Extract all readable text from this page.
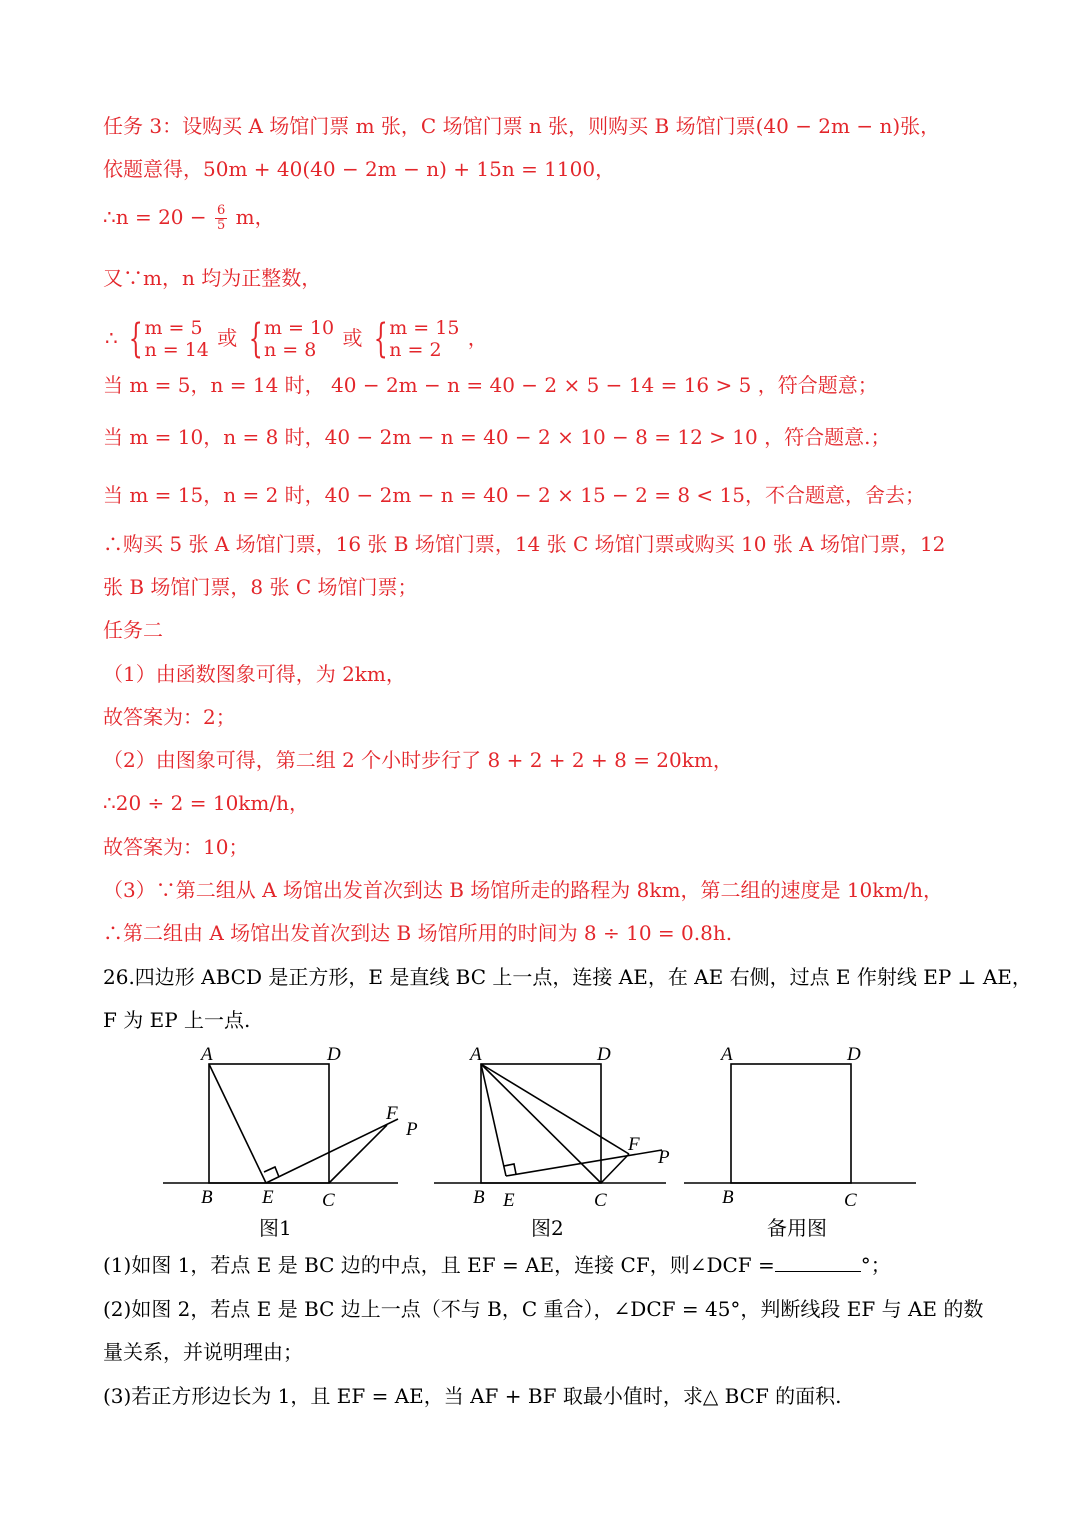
任务 3：设购买 A 场馆门票 m 张，C 场馆门票 n 张，则购买 B 场馆门票(40 − 2m − n)张，
依题意得，50m + 40(40 − 2m − n) + 15n = 1100，
∴n = $20 - \frac{6}{5}$ m，
又∵m，n 均为正整数，
∴ { m = 5
n = 14
或 { m = 10
n = 8
或 { m = 15
n = 2
，
当 m = 5，n = 14 时， 40 − 2m − n = 40 − 2 × 5 − 14 = 16 > 5 ，符合题意；
当 m = 10，n = 8 时，40 − 2m − n = 40 − 2 × 10 − 8 = 12 > 10 ，符合题意.；
当 m = 15，n = 2 时，40 − 2m − n = 40 − 2 × 15 − 2 = 8 < 15，不合题意，舍去；
∴购买 5 张 A 场馆门票，16 张 B 场馆门票，14 张 C 场馆门票或购买 10 张 A 场馆门票，12
张 B 场馆门票，8 张 C 场馆门票；
任务二
（1）由函数图象可得，为 2km，
故答案为：2；
（2）由图象可得，第二组 2 个小时步行了 8 + 2 + 2 + 8 = 20km，
∴20 ÷ 2 = 10km/h，
故答案为：10；
（3）∵第二组从 A 场馆出发首次到达 B 场馆所走的路程为 8km，第二组的速度是 10km/h，
∴第二组由 A 场馆出发首次到达 B 场馆所用的时间为 8 ÷ 10 = 0.8h.
26.四边形 ABCD 是正方形，E 是直线 BC 上一点，连接 AE，在 AE 右侧，过点 E 作射线 EP ⊥ AE，
F 为 EP 上一点.
A	D
B	E	C
F
P
A	D
B E	C
F
P
A	D
B	C
图1	图2	备用图
(1)如图 1，若点 E 是 BC 边的中点，且 EF = AE，连接 CF，则∠DCF =	°；
(2)如图 2，若点 E 是 BC 边上一点（不与 B，C 重合），∠DCF = 45°，判断线段 EF 与 AE 的数
量关系，并说明理由；
(3)若正方形边长为 1，且 EF = AE，当 AF + BF 取最小值时，求△ BCF 的面积.
